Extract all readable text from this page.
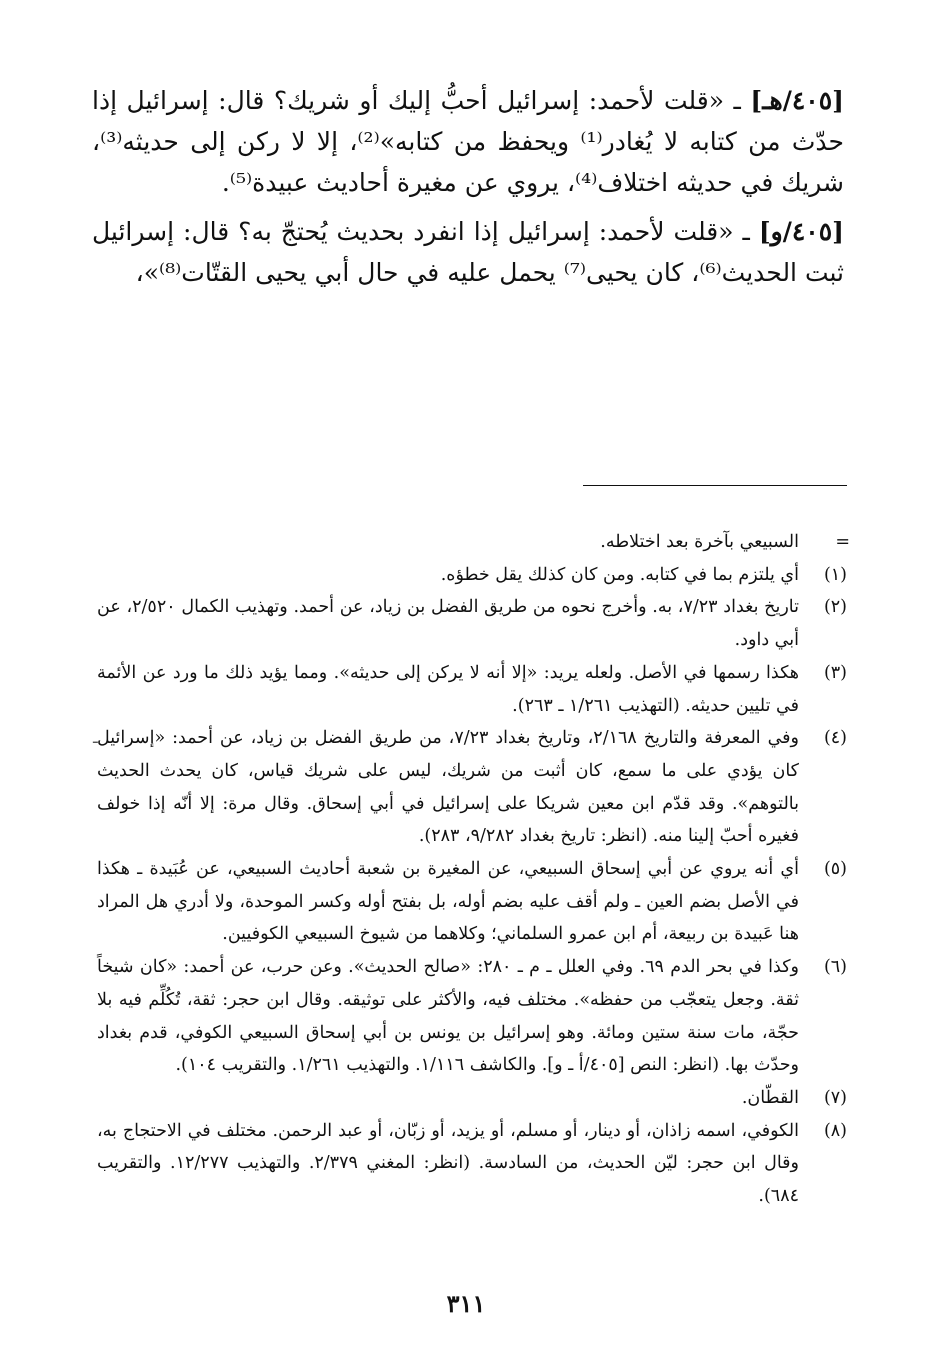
[٤٠٥/هـ] ـ «قلت لأحمد: إسرائيل أحبُّ إليك أو شريك؟ قال: إسرائيل إذا حدّث من كتابه لا يُغادر⁽¹⁾ ويحفظ من كتابه»⁽²⁾، إلا لا ركن إلى حديثه⁽³⁾، شريك في حديثه اختلاف⁽⁴⁾، يروي عن مغيرة أحاديث عبيدة⁽⁵⁾.

[٤٠٥/و] ـ «قلت لأحمد: إسرائيل إذا انفرد بحديث يُحتجّ به؟ قال: إسرائيل ثبت الحديث⁽⁶⁾، كان يحيى⁽⁷⁾ يحمل عليه في حال أبي يحيى القتّات⁽⁸⁾»،

=
السبيعي بآخرة بعد اختلاطه.
(١)
أي يلتزم بما في كتابه. ومن كان كذلك يقل خطؤه.
(٢)
تاريخ بغداد ٧/٢٣، به. وأخرج نحوه من طريق الفضل بن زياد، عن أحمد. وتهذيب الكمال ٢/٥٢٠، عن أبي داود.
(٣)
هكذا رسمها في الأصل. ولعله يريد: «إلا أنه لا يركن إلى حديثه». ومما يؤيد ذلك ما ورد عن الأئمة في تليين حديثه. (التهذيب ١/٢٦١ ـ ٢٦٣).
(٤)
ـ وفي المعرفة والتاريخ ٢/١٦٨، وتاريخ بغداد ٧/٢٣، من طريق الفضل بن زياد، عن أحمد: «إسرائيل كان يؤدي على ما سمع، كان أثبت من شريك، ليس على شريك قياس، كان يحدث الحديث بالتوهم». وقد قدّم ابن معين شريكا على إسرائيل في أبي إسحاق. وقال مرة: إلا أنّه إذا خولف فغيره أحبّ إلينا منه. (انظر: تاريخ بغداد ٩/٢٨٢، ٢٨٣).
(٥)
أي أنه يروي عن أبي إسحاق السبيعي، عن المغيرة بن شعبة أحاديث السبيعي، عن عُبَيدة ـ هكذا في الأصل بضم العين ـ ولم أقف عليه بضم أوله، بل بفتح أوله وكسر الموحدة، ولا أدري هل المراد هنا عَبيدة بن ربيعة، أم ابن عمرو السلماني؛ وكلاهما من شيوخ السبيعي الكوفيين.
(٦)
وكذا في بحر الدم ٦٩. وفي العلل ـ م ـ ٢٨٠: «صالح الحديث». وعن حرب، عن أحمد: «كان شيخاً ثقة. وجعل يتعجّب من حفظه». مختلف فيه، والأكثر على توثيقه. وقال ابن حجر: ثقة، تُكُلِّم فيه بلا حجّة، مات سنة ستين ومائة. وهو إسرائيل بن يونس بن أبي إسحاق السبيعي الكوفي، قدم بغداد وحدّث بها. (انظر: النص [٤٠٥/أ ـ و]. والكاشف ١/١١٦. والتهذيب ١/٢٦١. والتقريب ١٠٤).
(٧)
القطّان.
(٨)
الكوفي، اسمه زاذان، أو دينار، أو مسلم، أو يزيد، أو زبّان، أو عبد الرحمن. مختلف في الاحتجاج به، وقال ابن حجر: ليّن الحديث، من السادسة. (انظر: المغني ٢/٣٧٩. والتهذيب ١٢/٢٧٧. والتقريب ٦٨٤).
٣١١
